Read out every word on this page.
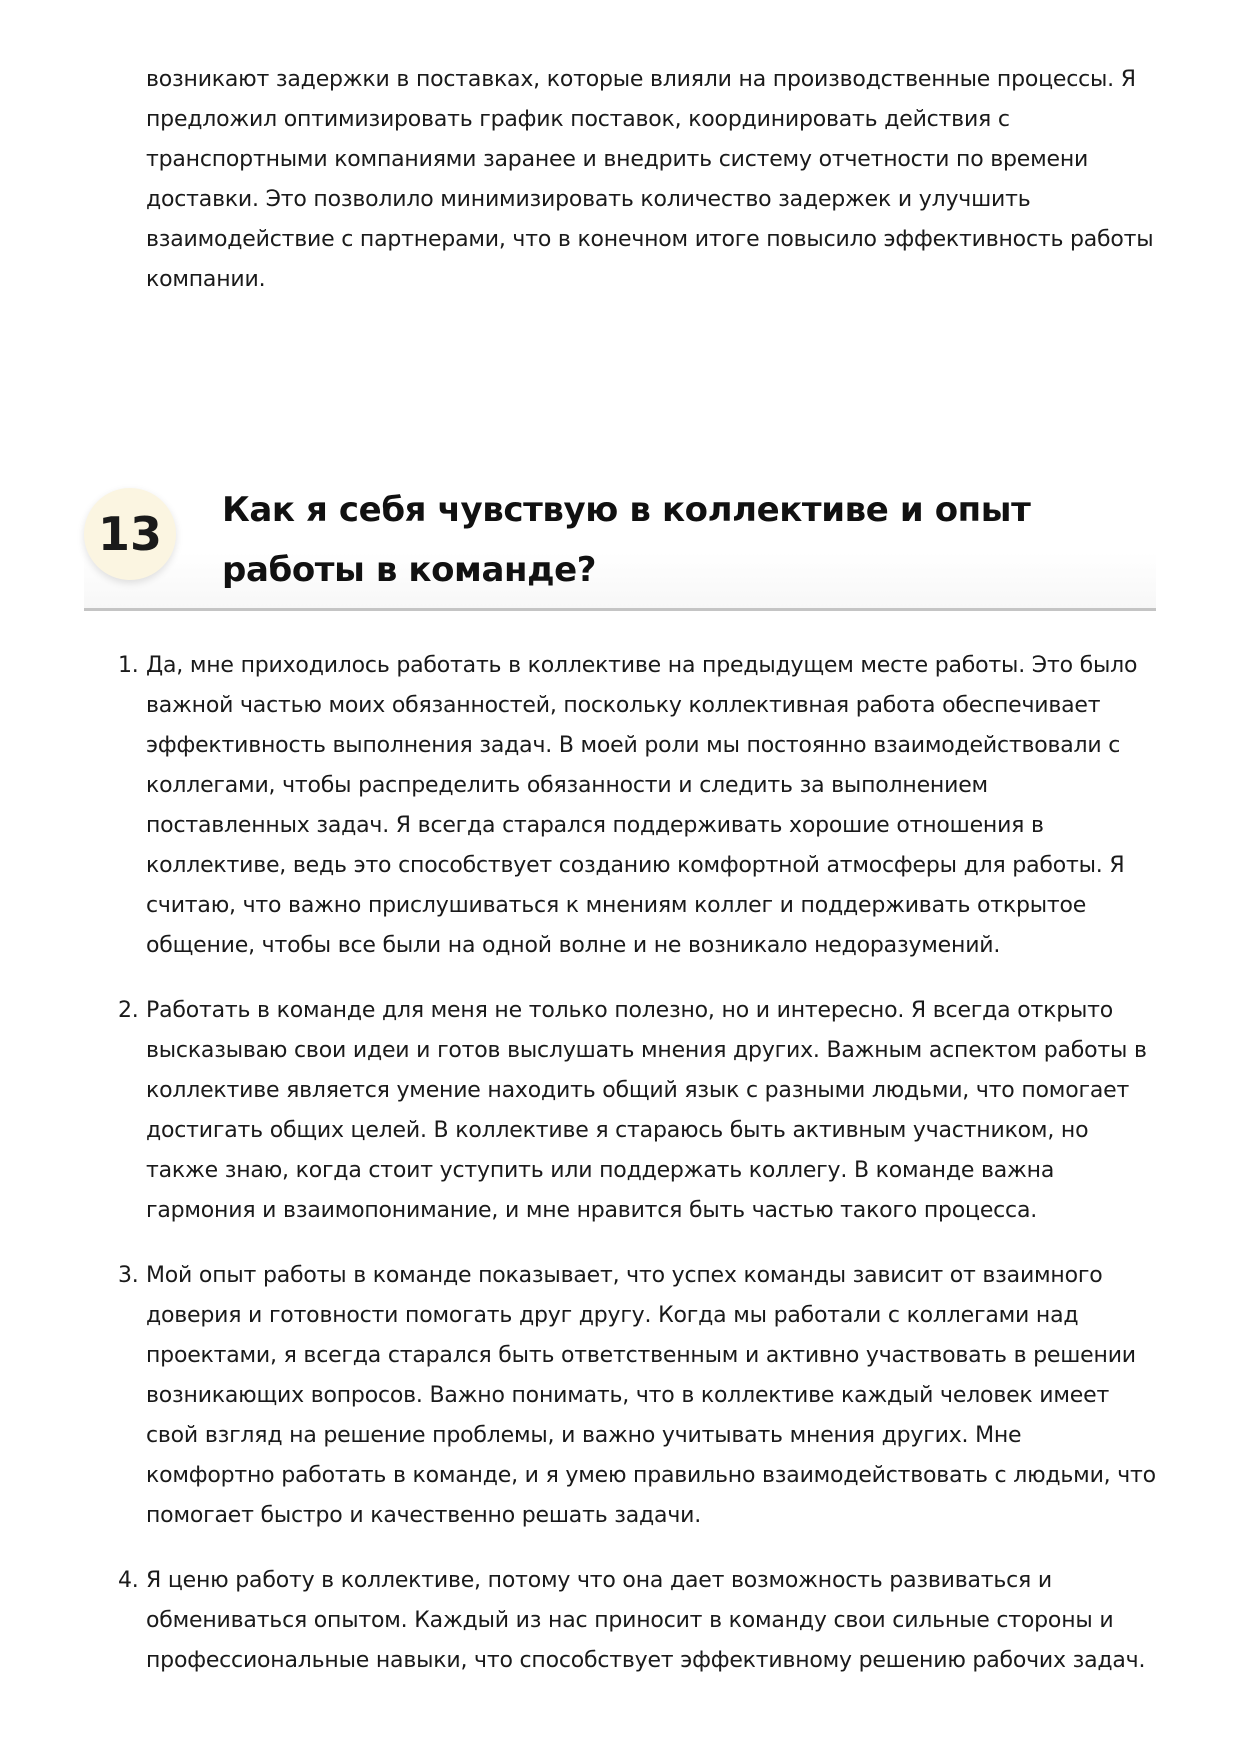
возникают задержки в поставках, которые влияли на производственные процессы. Я предложил оптимизировать график поставок, координировать действия с транспортными компаниями заранее и внедрить систему отчетности по времени доставки. Это позволило минимизировать количество задержек и улучшить взаимодействие с партнерами, что в конечном итоге повысило эффективность работы компании.

13	Как я себя чувствую в коллективе и опыт работы в команде?
1. Да, мне приходилось работать в коллективе на предыдущем месте работы. Это было важной частью моих обязанностей, поскольку коллективная работа обеспечивает эффективность выполнения задач. В моей роли мы постоянно взаимодействовали с коллегами, чтобы распределить обязанности и следить за выполнением поставленных задач. Я всегда старался поддерживать хорошие отношения в коллективе, ведь это способствует созданию комфортной атмосферы для работы. Я считаю, что важно прислушиваться к мнениям коллег и поддерживать открытое общение, чтобы все были на одной волне и не возникало недоразумений.
2. Работать в команде для меня не только полезно, но и интересно. Я всегда открыто высказываю свои идеи и готов выслушать мнения других. Важным аспектом работы в коллективе является умение находить общий язык с разными людьми, что помогает достигать общих целей. В коллективе я стараюсь быть активным участником, но также знаю, когда стоит уступить или поддержать коллегу. В команде важна гармония и взаимопонимание, и мне нравится быть частью такого процесса.
3. Мой опыт работы в команде показывает, что успех команды зависит от взаимного доверия и готовности помогать друг другу. Когда мы работали с коллегами над проектами, я всегда старался быть ответственным и активно участвовать в решении возникающих вопросов. Важно понимать, что в коллективе каждый человек имеет свой взгляд на решение проблемы, и важно учитывать мнения других. Мне комфортно работать в команде, и я умею правильно взаимодействовать с людьми, что помогает быстро и качественно решать задачи.
4. Я ценю работу в коллективе, потому что она дает возможность развиваться и обмениваться опытом. Каждый из нас приносит в команду свои сильные стороны и профессиональные навыки, что способствует эффективному решению рабочих задач.
